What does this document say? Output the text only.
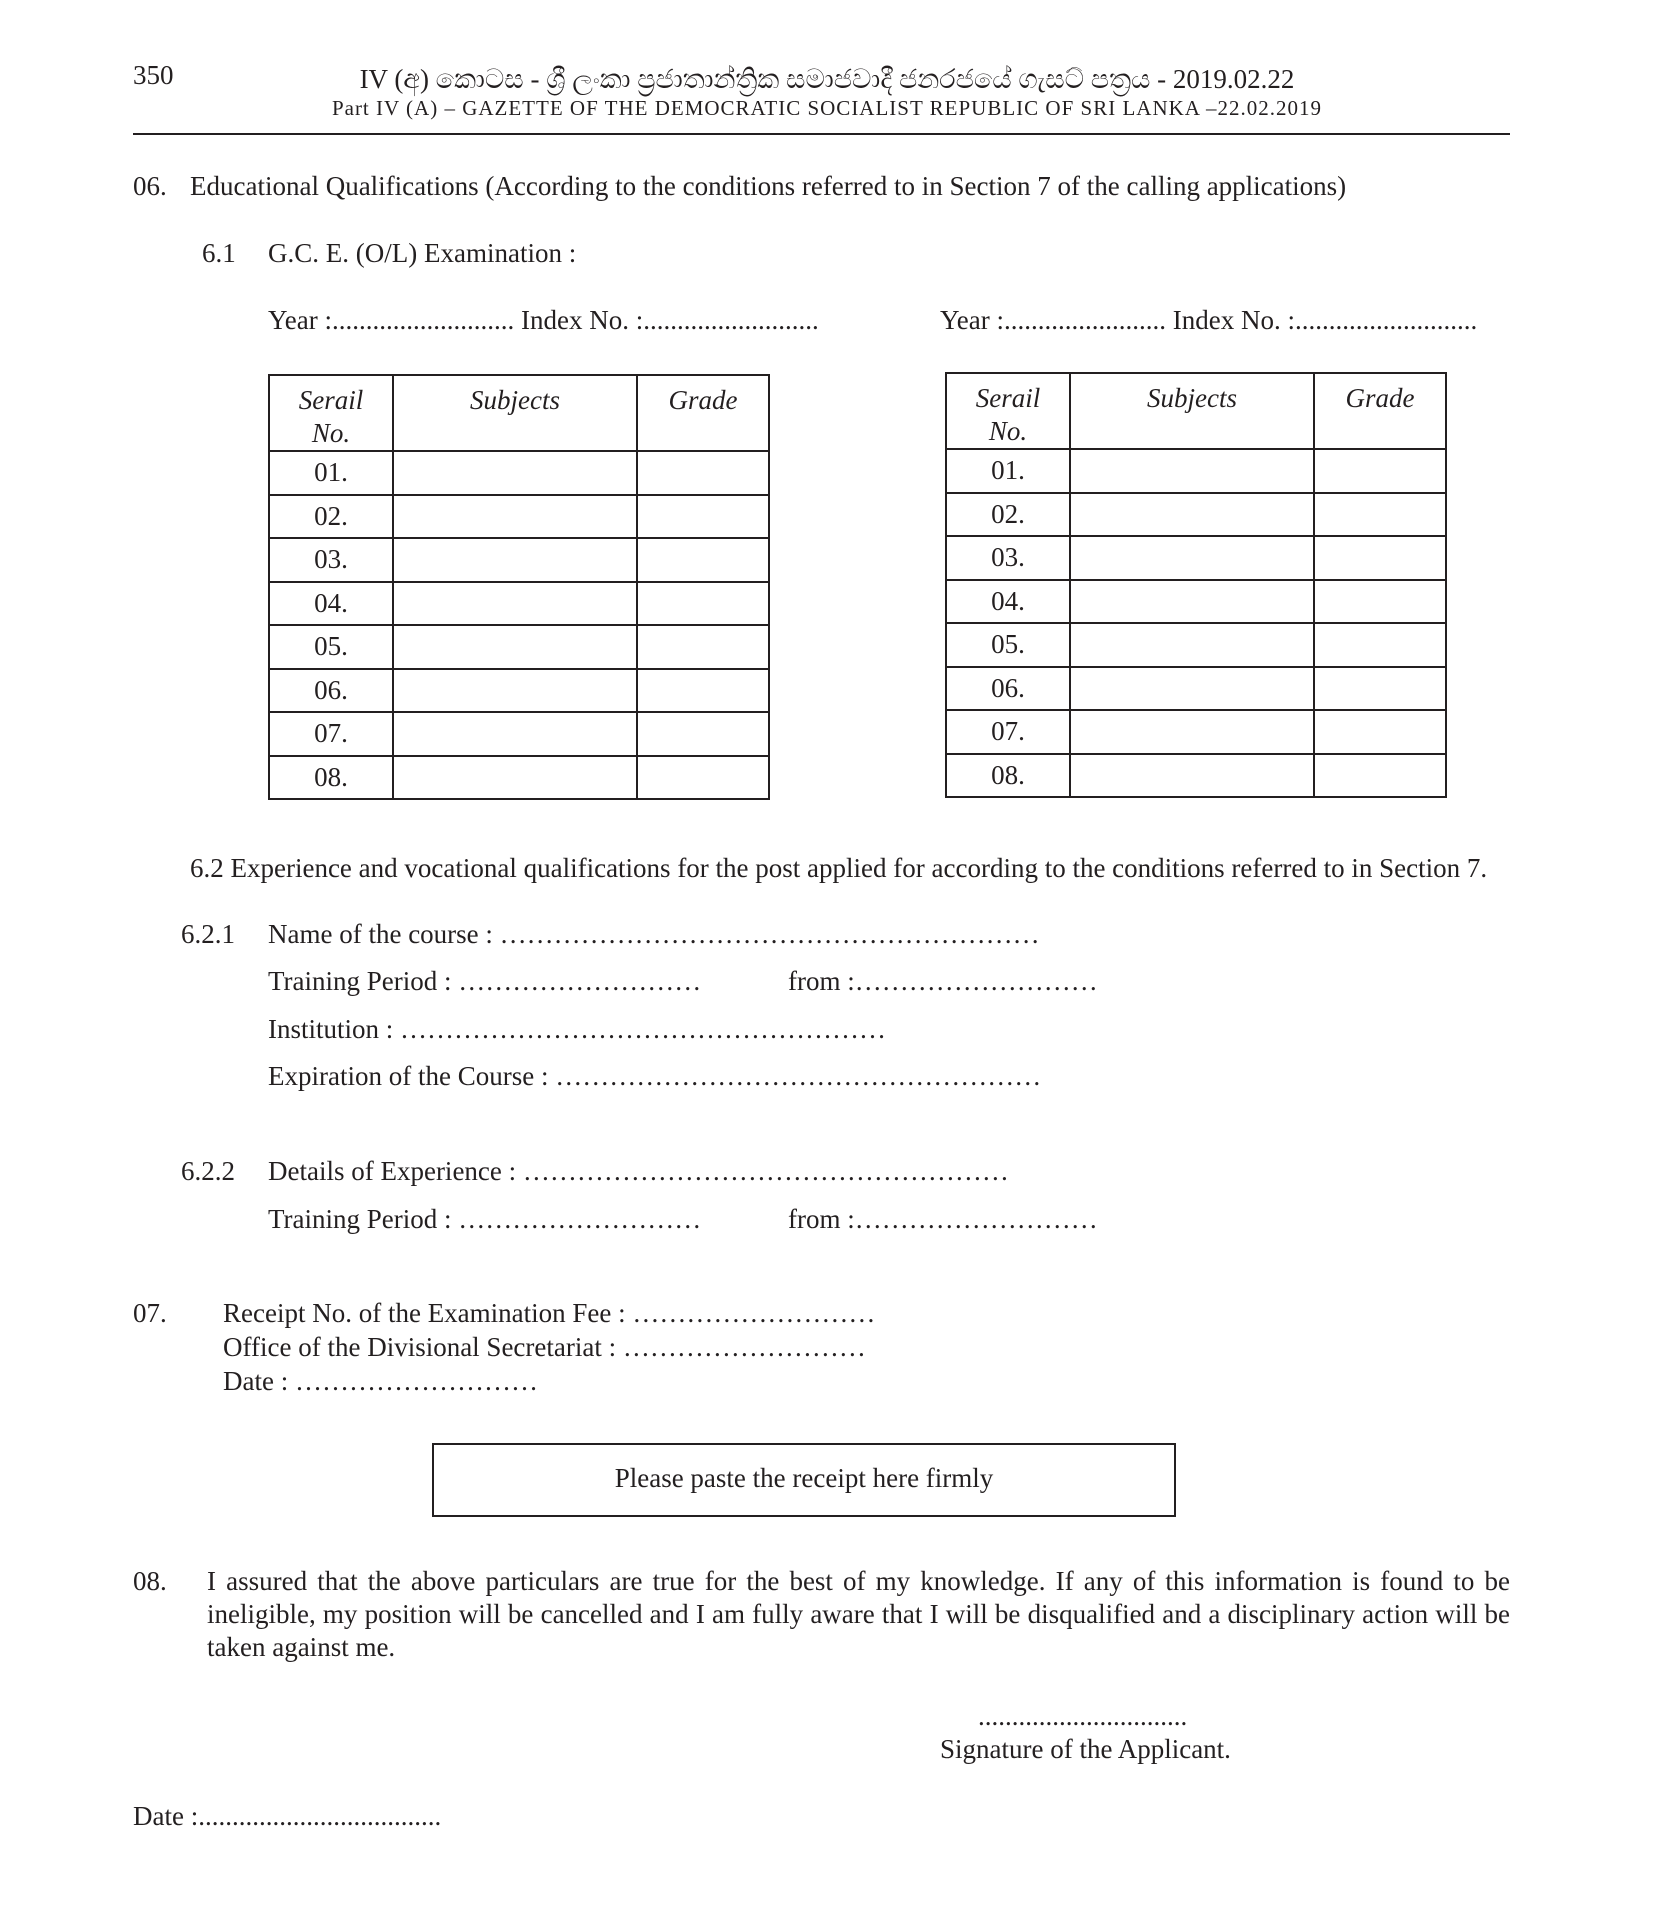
350	IV (අ) කොටස - ශ්‍රී ලංකා ප්‍රජාතාන්ත්‍රික සමාජවාදී ජනරජයේ ගැසට් පත්‍රය - 2019.02.22
Part IV (A) – GAZETTE OF THE DEMOCRATIC SOCIALIST REPUBLIC OF SRI LANKA –22.02.2019
06. Educational Qualifications (According to the conditions referred to in Section 7 of the calling applications)
6.1 G.C. E. (O/L) Examination :
Year :........................... Index No. :..........................	Year :........................ Index No. :...........................
Serail
No.	Subjects	Grade
01.		
02.		
03.		
04.		
05.		
06.		
07.		
08.		
Serail
No.	Subjects	Grade
01.		
02.		
03.		
04.		
05.		
06.		
07.		
08.		
6.2 Experience and vocational qualifications for the post applied for according to the conditions referred to in Section 7.
6.2.1 Name of the course : ……………………………………………………
Training Period : ………………………	from :………………………
Institution : ………………………………………………
Expiration of the Course : ………………………………………………
6.2.2 Details of Experience : ………………………………………………
Training Period : ………………………	from :………………………
07. Receipt No. of the Examination Fee : ………………………
Office of the Divisional Secretariat : ………………………
Date : ………………………
Please paste the receipt here firmly
08. I assured that the above particulars are true for the best of my knowledge. If any of this information is found to be ineligible, my position will be cancelled and I am fully aware that I will be disqualified and a disciplinary action will be taken against me.
...............................
Signature of the Applicant.
Date :....................................
